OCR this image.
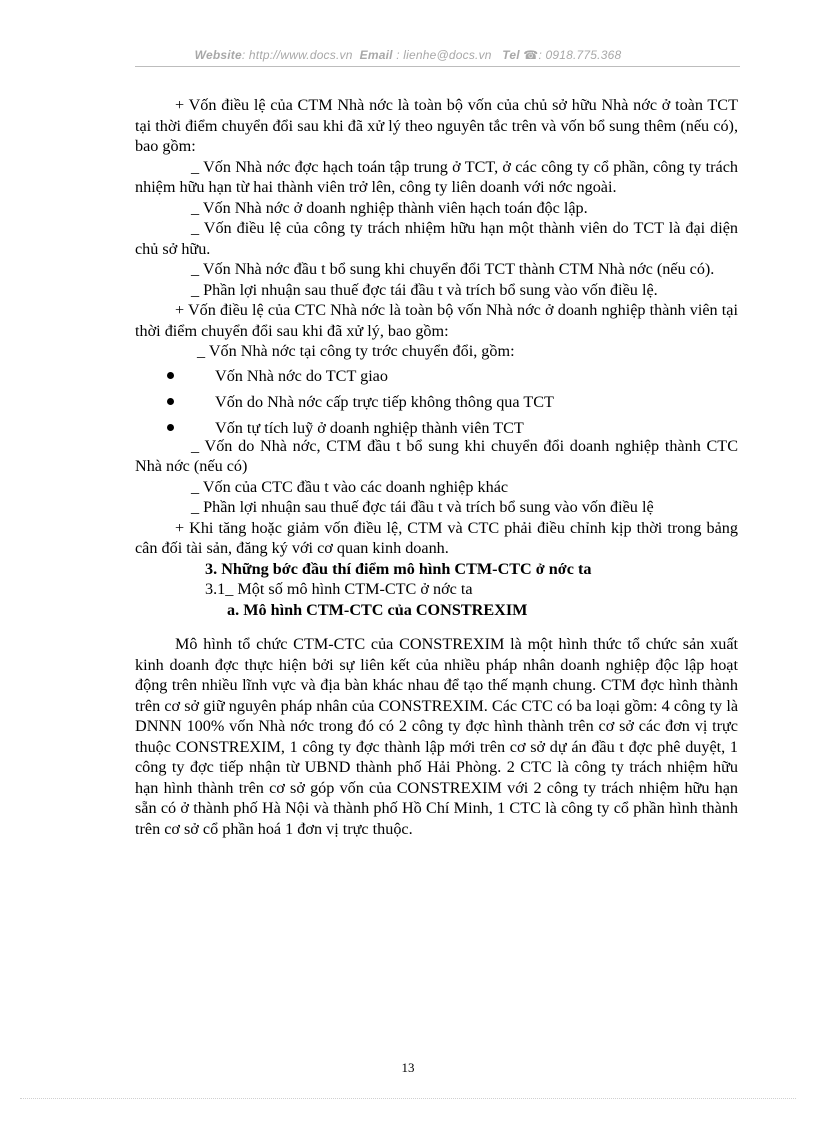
Website: http://www.docs.vn Email : lienhe@docs.vn Tel ☎: 0918.775.368

+ Vốn điều lệ của CTM Nhà nớc là toàn bộ vốn của chủ sở hữu Nhà nớc ở toàn TCT tại thời điểm chuyển đổi sau khi đã xử lý theo nguyên tắc trên và vốn bổ sung thêm (nếu có), bao gồm:

_ Vốn Nhà nớc đợc hạch toán tập trung ở TCT, ở các công ty cổ phần, công ty trách nhiệm hữu hạn từ hai thành viên trở lên, công ty liên doanh với nớc ngoài.

_ Vốn Nhà nớc ở doanh nghiệp thành viên hạch toán độc lập.

_ Vốn điều lệ của công ty trách nhiệm hữu hạn một thành viên do TCT là đại diện chủ sở hữu.

_ Vốn Nhà nớc đầu t bổ sung khi chuyển đổi TCT thành CTM Nhà nớc (nếu có).

_ Phần lợi nhuận sau thuế đợc tái đầu t và trích bổ sung vào vốn điều lệ.

+ Vốn điều lệ của CTC Nhà nớc là toàn bộ vốn Nhà nớc ở doanh nghiệp thành viên tại thời điểm chuyển đổi sau khi đã xử lý, bao gồm:

_ Vốn Nhà nớc tại công ty trớc chuyển đổi, gồm:

Vốn Nhà nớc do TCT giao
Vốn do Nhà nớc cấp trực tiếp không thông qua TCT
Vốn tự tích luỹ ở doanh nghiệp thành viên TCT

_ Vốn do Nhà nớc, CTM đầu t bổ sung khi chuyển đổi doanh nghiệp thành CTC Nhà nớc (nếu có)

_ Vốn của CTC đầu t vào các doanh nghiệp khác

_ Phần lợi nhuận sau thuế đợc tái đầu t và trích bổ sung vào vốn điều lệ

+ Khi tăng hoặc giảm vốn điều lệ, CTM và CTC phải điều chỉnh kịp thời trong bảng cân đối tài sản, đăng ký với cơ quan kinh doanh.

3. Những bớc đầu thí điểm mô hình CTM-CTC ở nớc ta

3.1_ Một số mô hình CTM-CTC ở nớc ta

a. Mô hình CTM-CTC của CONSTREXIM

Mô hình tổ chức CTM-CTC của CONSTREXIM là một hình thức tổ chức sản xuất kinh doanh đợc thực hiện bởi sự liên kết của nhiều pháp nhân doanh nghiệp độc lập hoạt động trên nhiều lĩnh vực và địa bàn khác nhau để tạo thế mạnh chung. CTM đợc hình thành trên cơ sở giữ nguyên pháp nhân của CONSTREXIM. Các CTC có ba loại gồm: 4 công ty là DNNN 100% vốn Nhà nớc trong đó có 2 công ty đợc hình thành trên cơ sở các đơn vị trực thuộc CONSTREXIM, 1 công ty đợc thành lập mới trên cơ sở dự án đầu t đợc phê duyệt, 1 công ty đợc tiếp nhận từ UBND thành phố Hải Phòng. 2 CTC là công ty trách nhiệm hữu hạn hình thành trên cơ sở góp vốn của CONSTREXIM với 2 công ty trách nhiệm hữu hạn sẵn có ở thành phố Hà Nội và thành phố Hồ Chí Minh, 1 CTC là công ty cổ phần hình thành trên cơ sở cổ phần hoá 1 đơn vị trực thuộc.

13
